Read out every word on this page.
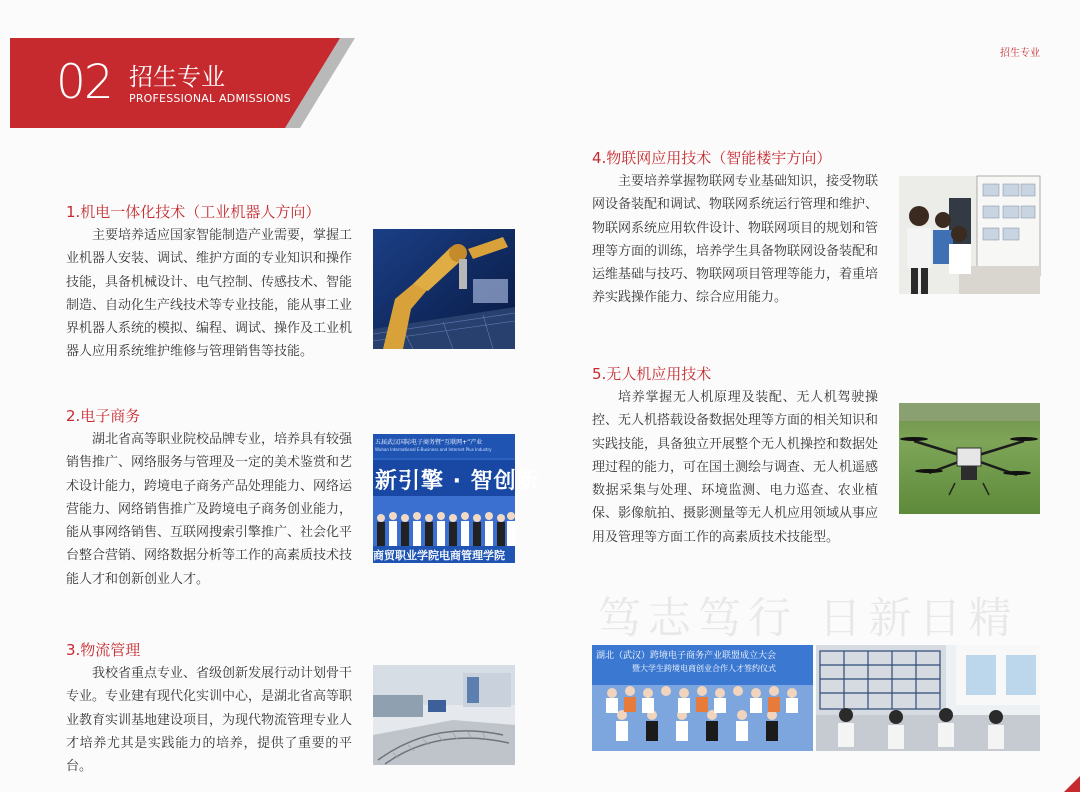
02 招生专业
PROFESSIONAL ADMISSIONS
招生专业
1.机电一体化技术（工业机器人方向）
主要培养适应国家智能制造产业需要，掌握工业机器人安装、调试、维护方面的专业知识和操作技能，具备机械设计、电气控制、传感技术、智能制造、自动化生产线技术等专业技能，能从事工业界机器人系统的模拟、编程、调试、操作及工业机器人应用系统维护维修与管理销售等技能。
2.电子商务
湖北省高等职业院校品牌专业，培养具有较强销售推广、网络服务与管理及一定的美术鉴赏和艺术设计能力，跨境电子商务产品处理能力、网络运营能力、网络销售推广及跨境电子商务创业能力，能从事网络销售、互联网搜索引擎推广、社会化平台整合营销、网络数据分析等工作的高素质技术技能人才和创新创业人才。
五届武汉国际电子商务暨“互联网+”产业
Wuhan International E-Business and Internet Plus Industry
新引擎 · 智创新
商贸职业学院电商管理学院
3.物流管理
我校省重点专业、省级创新发展行动计划骨干专业。专业建有现代化实训中心，是湖北省高等职业教育实训基地建设项目，为现代物流管理专业人才培养尤其是实践能力的培养，提供了重要的平台。
4.物联网应用技术（智能楼宇方向）
主要培养掌握物联网专业基础知识，接受物联网设备装配和调试、物联网系统运行管理和维护、物联网系统应用软件设计、物联网项目的规划和管理等方面的训练，培养学生具备物联网设备装配和运维基础与技巧、物联网项目管理等能力，着重培养实践操作能力、综合应用能力。
5.无人机应用技术
培养掌握无人机原理及装配、无人机驾驶操控、无人机搭载设备数据处理等方面的相关知识和实践技能，具备独立开展整个无人机操控和数据处理过程的能力，可在国土测绘与调查、无人机遥感数据采集与处理、环境监测、电力巡查、农业植保、影像航拍、摄影测量等无人机应用领域从事应用及管理等方面工作的高素质技术技能型。
笃志笃行 日新日精
湖北（武汉）跨境电子商务产业联盟成立大会
暨大学生跨境电商创业合作人才签约仪式
